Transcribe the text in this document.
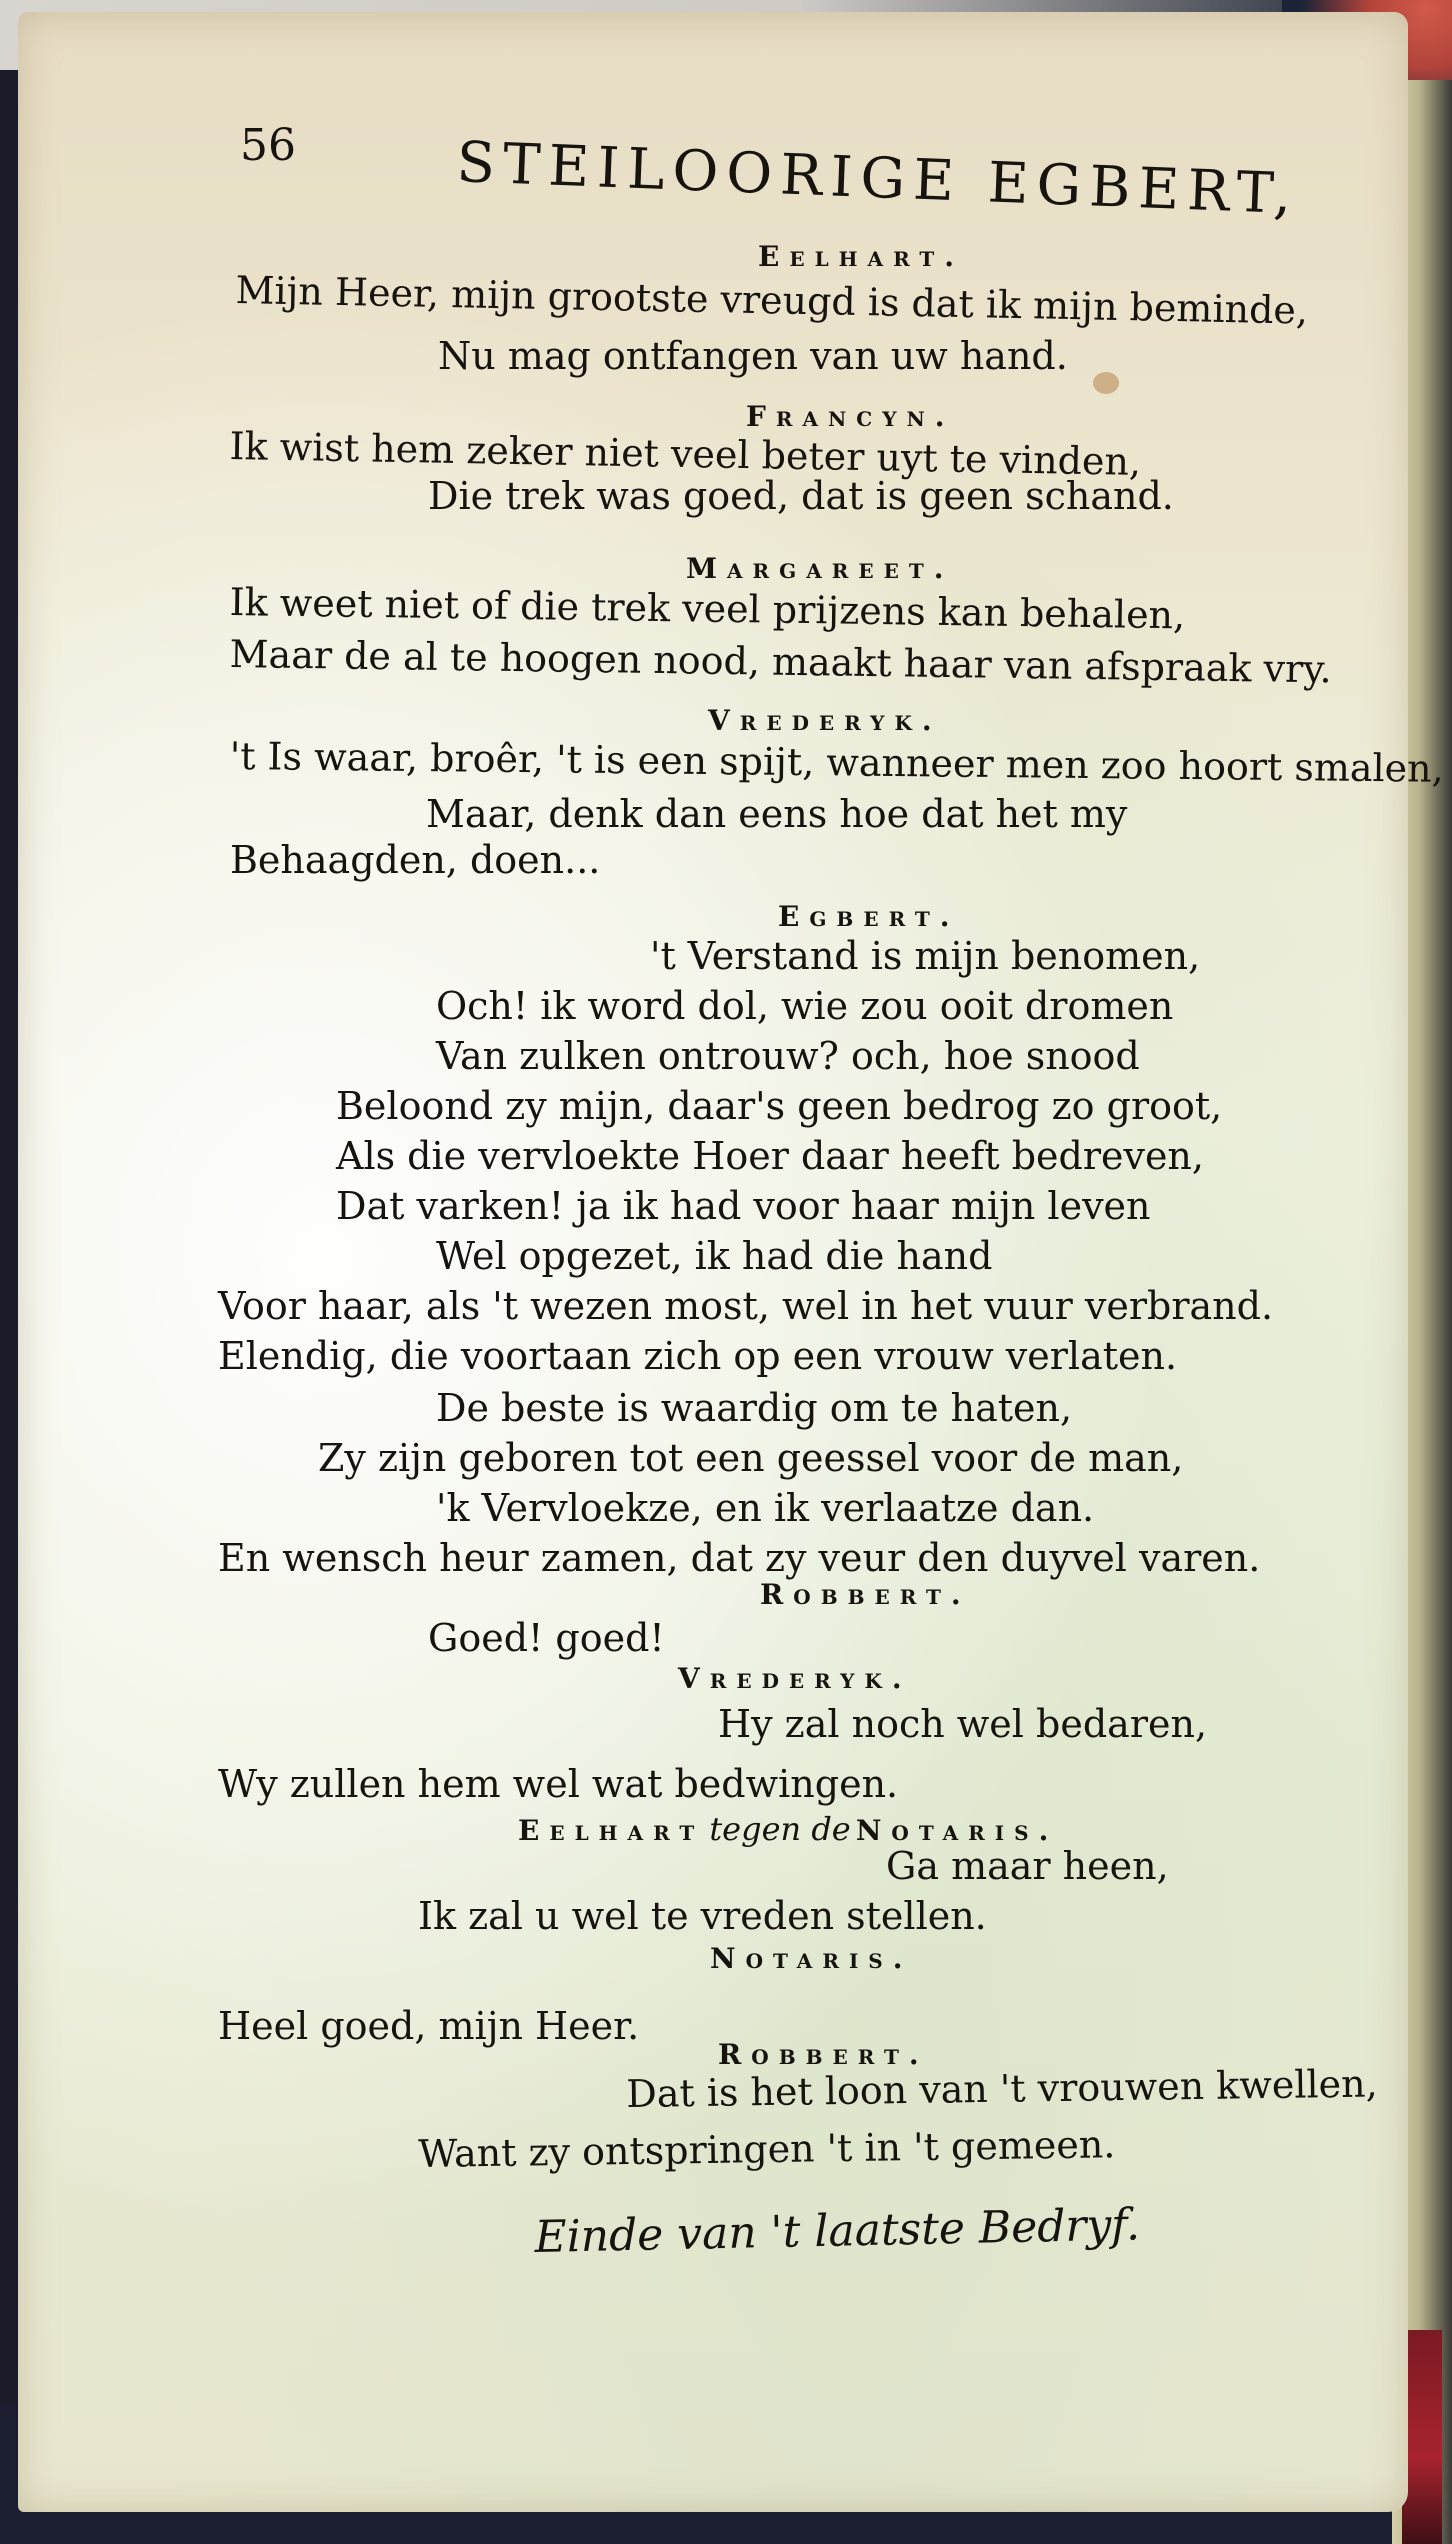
56	STEILOORIGE EGBERT,
Eelhart.
Mijn Heer, mijn grootste vreugd is dat ik mijn beminde,
Nu mag ontfangen van uw hand.
Francyn.
Ik wist hem zeker niet veel beter uyt te vinden,
Die trek was goed, dat is geen schand.
Margareet.
Ik weet niet of die trek veel prijzens kan behalen,
Maar de al te hoogen nood, maakt haar van afspraak vry.
Vrederyk.
't Is waar, broêr, 't is een spijt, wanneer men zoo hoort smalen,
Maar, denk dan eens hoe dat het my
Behaagden, doen...
Egbert.
't Verstand is mijn benomen,
Och! ik word dol, wie zou ooit dromen
Van zulken ontrouw? och, hoe snood
Beloond zy mijn, daar's geen bedrog zo groot,
Als die vervloekte Hoer daar heeft bedreven,
Dat varken! ja ik had voor haar mijn leven
Wel opgezet, ik had die hand
Voor haar, als 't wezen most, wel in het vuur verbrand.
Elendig, die voortaan zich op een vrouw verlaten.
De beste is waardig om te haten,
Zy zijn geboren tot een geessel voor de man,
'k Vervloekze, en ik verlaatze dan.
En wensch heur zamen, dat zy veur den duyvel varen.
Robbert.
Goed! goed!
Vrederyk.
Hy zal noch wel bedaren,
Wy zullen hem wel wat bedwingen.
Eelhart tegen de Notaris.
Ga maar heen,
Ik zal u wel te vreden stellen.
Notaris.
Heel goed, mijn Heer.
Robbert.
Dat is het loon van 't vrouwen kwellen,
Want zy ontspringen 't in 't gemeen.
Einde van 't laatste Bedryf.
